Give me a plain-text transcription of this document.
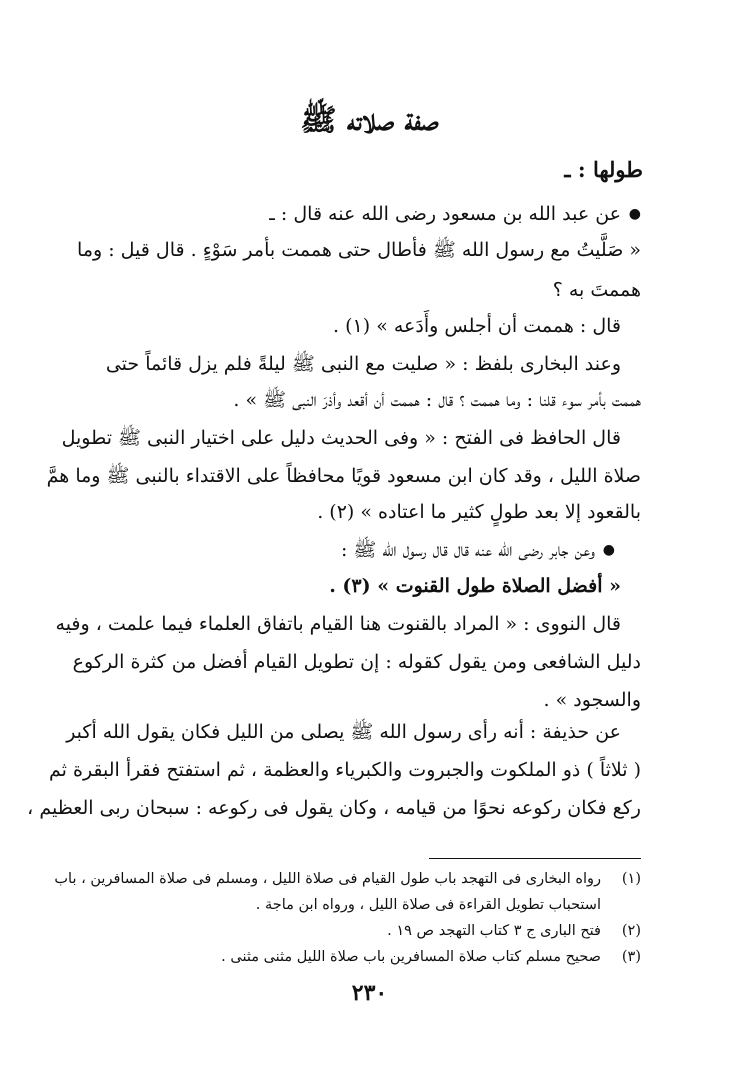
صفة صلاته ﷺ
طولها : ـ
●
عن عبد الله بن مسعود رضى الله عنه قال : ـ
« صَلَّيتُ مع رسول الله ﷺ فأطال حتى هممت بأمر سَوْءٍ . قال قيل : وما
هممتَ به ؟
قال : هممت أن أجلس وأَدَعه » (١) .
وعند البخارى بلفظ : « صليت مع النبى ﷺ ليلةً فلم يزل قائماً حتى
هممت بأمر سوء قلنا : وما هممت ؟ قال : هممت أن أقعد وأذرَ النبى ﷺ » .
قال الحافظ فى الفتح : « وفى الحديث دليل على اختيار النبى ﷺ تطويل
صلاة الليل ، وقد كان ابن مسعود قويًا محافظاً على الاقتداء بالنبى ﷺ وما همَّ
بالقعود إلا بعد طولٍ كثير ما اعتاده » (٢) .
●
وعن جابر رضى الله عنه قال قال رسول الله ﷺ :
« أفضل الصلاة طول القنوت » (٣) .
قال النووى : « المراد بالقنوت هنا القيام باتفاق العلماء فيما علمت ، وفيه
دليل الشافعى ومن يقول كقوله : إن تطويل القيام أفضل من كثرة الركوع
والسجود » .
عن حذيفة : أنه رأى رسول الله ﷺ يصلى من الليل فكان يقول الله أكبر
( ثلاثاً ) ذو الملكوت والجبروت والكبرياء والعظمة ، ثم استفتح فقرأ البقرة ثم
ركع فكان ركوعه نحوًا من قيامه ، وكان يقول فى ركوعه : سبحان ربى العظيم ،
(١)رواه البخارى فى التهجد باب طول القيام فى صلاة الليل ، ومسلم فى صلاة المسافرين ، باب
استحباب تطويل القراءة فى صلاة الليل ، ورواه ابن ماجة .
(٢)فتح البارى ج ٣ كتاب التهجد ص ١٩ .
(٣)صحيح مسلم كتاب صلاة المسافرين باب صلاة الليل مثنى مثنى .
٢٣٠
